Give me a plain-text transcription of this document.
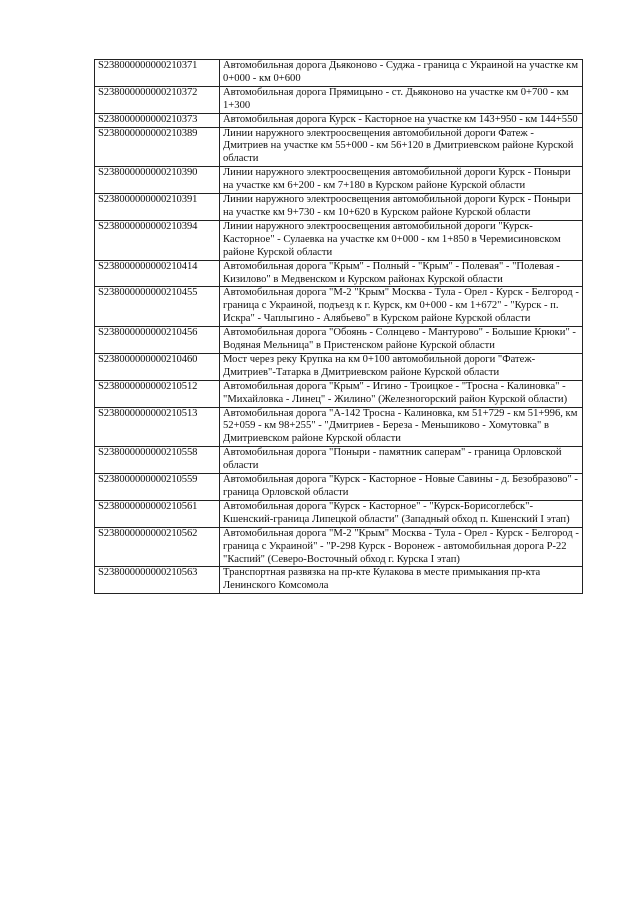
S238000000000210371	Автомобильная дорога Дьяконово - Суджа - граница с Украиной на участке км 0+000 - км 0+600
S238000000000210372	Автомобильная дорога Прямицыно - ст. Дьяконово на участке км 0+700 - км 1+300
S238000000000210373	Автомобильная дорога Курск - Касторное на участке км 143+950 - км 144+550
S238000000000210389	Линии наружного электроосвещения автомобильной дороги Фатеж - Дмитриев на участке км 55+000 - км 56+120 в Дмитриевском районе Курской области
S238000000000210390	Линии наружного электроосвещения автомобильной дороги Курск - Поныри на участке км 6+200 - км 7+180 в Курском районе Курской области
S238000000000210391	Линии наружного электроосвещения автомобильной дороги Курск - Поныри на участке км 9+730 - км 10+620 в Курском районе Курской области
S238000000000210394	Линии наружного электроосвещения автомобильной дороги "Курск-Касторное" - Сулаевка на участке км 0+000 - км 1+850 в Черемисиновском районе Курской области
S238000000000210414	Автомобильная дорога "Крым" - Полный - "Крым" - Полевая" - "Полевая - Кизилово" в Медвенском и Курском районах Курской области
S238000000000210455	Автомобильная дорога "М-2 "Крым" Москва - Тула - Орел - Курск - Белгород - граница с Украиной, подъезд к г. Курск, км 0+000 - км 1+672" - "Курск - п. Искра" - Чаплыгино - Алябьево" в Курском районе Курской области
S238000000000210456	Автомобильная дорога "Обоянь - Солнцево - Мантурово" - Большие Крюки" - Водяная Мельница" в Пристенском районе Курской области
S238000000000210460	Мост через реку Крупка на км 0+100 автомобильной дороги "Фатеж-Дмитриев"-Татарка в Дмитриевском районе Курской области
S238000000000210512	Автомобильная дорога "Крым" - Игино - Троицкое - "Тросна - Калиновка" - "Михайловка - Линец" - Жилино" (Железногорский район Курской области)
S238000000000210513	Автомобильная дорога "А-142 Тросна - Калиновка, км 51+729 - км 51+996, км 52+059 - км 98+255" - "Дмитриев - Береза - Меньшиково - Хомутовка" в Дмитриевском районе Курской области
S238000000000210558	Автомобильная дорога "Поныри - памятник саперам" - граница Орловской области
S238000000000210559	Автомобильная дорога "Курск - Касторное - Новые Савины - д. Безобразово" - граница Орловской области
S238000000000210561	Автомобильная дорога "Курск - Касторное" - "Курск-Борисоглебск"-Кшенский-граница Липецкой области" (Западный обход п. Кшенский I этап)
S238000000000210562	Автомобильная дорога "М-2 "Крым" Москва - Тула - Орел - Курск - Белгород - граница с Украиной" - "Р-298 Курск - Воронеж - автомобильная дорога Р-22 "Каспий" (Северо-Восточный обход г. Курска I этап)
S238000000000210563	Транспортная развязка на пр-кте Кулакова в месте примыкания пр-кта Ленинского Комсомола
